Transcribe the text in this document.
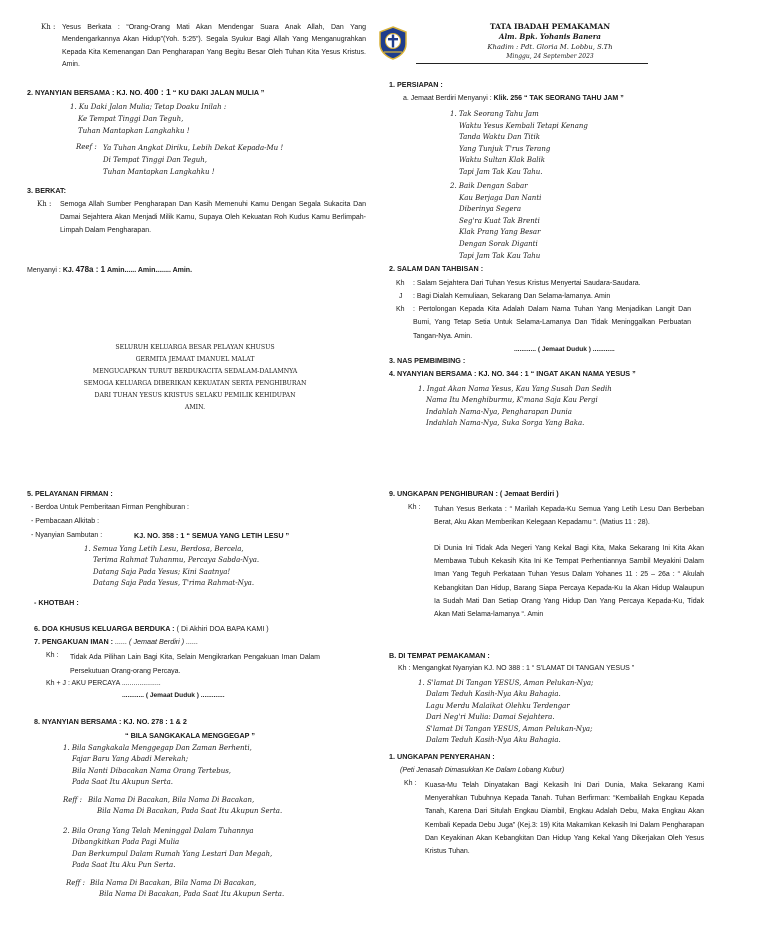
Kh : Yesus Berkata : “Orang-Orang Mati Akan Mendengar Suara Anak Allah, Dan Yang Mendengarkannya Akan Hidup”(Yoh. 5:25”). Segala Syukur Bagi Allah Yang Menganugrahkan Kepada Kita Kemenangan Dan Pengharapan Yang Begitu Besar Oleh Tuhan Kita Yesus Kristus. Amin.
2. NYANYIAN BERSAMA : KJ. NO. 400 : 1 “ KU DAKI JALAN MULIA ”
1. Ku Daki Jalan Mulia; Tetap Doaku Inilah :
Ke Tempat Tinggi Dan Teguh,
Tuhan Mantapkan Langkahku !
Reef : Ya Tuhan Angkat Diriku, Lebih Dekat Kepada-Mu !
Di Tempat Tinggi Dan Teguh,
Tuhan Mantapkan Langkahku !
3. BERKAT:
Kh : Semoga Allah Sumber Pengharapan Dan Kasih Memenuhi Kamu Dengan Segala Sukacita Dan Damai Sejahtera Akan Menjadi Milik Kamu, Supaya Oleh Kekuatan Roh Kudus Kamu Berlimpah-Limpah Dalam Pengharapan.
Menyanyi : KJ. 478a : 1 Amin...... Amin........ Amin.
SELURUH KELUARGA BESAR PELAYAN KHUSUS
GERMITA JEMAAT IMANUEL MALAT
MENGUCAPKAN TURUT BERDUKACITA SEDALAM-DALAMNYA
SEMOGA KELUARGA DIBERIKAN KEKUATAN SERTA PENGHIBURAN
DARI TUHAN YESUS KRISTUS SELAKU PEMILIK KEHIDUPAN
AMIN.
TATA IBADAH PEMAKAMAN
Alm. Bpk. Yohanis Banera
Khadim : Pdt. Gloria M. Lobbu, S.Th
Minggu, 24 September 2023
1. PERSIAPAN :
a. Jemaat Berdiri Menyanyi : Klik. 256 “ TAK SEORANG TAHU JAM ”
1. Tak Seorang Tahu Jam
Waktu Yesus Kembali Tetapi Kenang
Tanda Waktu Dan Titik
Yang Tunjuk T'rus Terang
Waktu Sultan Klak Balik
Tapi Jam Tak Kau Tahu.
2. Baik Dengan Sabar
Kau Berjaga Dan Nanti
Diberinya Segera
Seg'ra Kuat Tak Brenti
Klak Prang Yang Besar
Dengan Sorak Diganti
Tapi Jam Tak Kau Tahu
2. SALAM DAN TAHBISAN :
Kh : Salam Sejahtera Dari Tuhan Yesus Kristus Menyertai Saudara-Saudara.
J : Bagi Dialah Kemuliaan, Sekarang Dan Selama-lamanya. Amin
Kh : Pertolongan Kepada Kita Adalah Dalam Nama Tuhan Yang Menjadikan Langit Dan Bumi, Yang Tetap Setia Untuk Selama-Lamanya Dan Tidak Meninggalkan Perbuatan Tangan-Nya. Amin.
............ ( Jemaat Duduk ) ............
3. NAS PEMBIMBING :
4. NYANYIAN BERSAMA : KJ. NO. 344 : 1 “ INGAT AKAN NAMA YESUS ”
1. Ingat Akan Nama Yesus, Kau Yang Susah Dan Sedih
Nama Itu Menghiburmu, K'mana Saja Kau Pergi
Indahlah Nama-Nya, Pengharapan Dunia
Indahlah Nama-Nya, Suka Sorga Yang Baka.
5. PELAYANAN FIRMAN :
- Berdoa Untuk Pemberitaan Firman Penghiburan :
- Pembacaan Alkitab :
- Nyanyian Sambutan :	KJ. NO. 358 : 1 “ SEMUA YANG LETIH LESU ”
1. Semua Yang Letih Lesu, Berdosa, Bercela,
Terima Rahmat Tuhanmu, Percaya Sabda-Nya.
Datang Saja Pada Yesus; Kini Saatnya!
Datang Saja Pada Yesus, T'rima Rahmat-Nya.
- KHOTBAH :
6. DOA KHUSUS KELUARGA BERDUKA : ( Di Akhiri DOA BAPA KAMI )
7. PENGAKUAN IMAN : ...... ( Jemaat Berdiri ) ......
Kh : Tidak Ada Pilihan Lain Bagi Kita, Selain Mengikrarkan Pengakuan Iman Dalam Persekutuan Orang-orang Percaya.
Kh + J : AKU PERCAYA ....................
............ ( Jemaat Duduk ) .............
8. NYANYIAN BERSAMA : KJ. NO. 278 : 1 & 2
“ BILA SANGKAKALA MENGGEGAP ”
1. Bila Sangkakala Menggegap Dan Zaman Berhenti,
Fajar Baru Yang Abadi Merekah;
Bila Nanti Dibacakan Nama Orang Tertebus,
Pada Saat Itu Akupun Serta.
Reff : Bila Nama Di Bacakan, Bila Nama Di Bacakan,
Bila Nama Di Bacakan, Pada Saat Itu Akupun Serta.
2. Bila Orang Yang Telah Meninggal Dalam Tuhannya
Dibangkitkan Pada Pagi Mulia
Dan Berkumpul Dalam Rumah Yang Lestari Dan Megah,
Pada Saat Itu Aku Pun Serta.
Reff : Bila Nama Di Bacakan, Bila Nama Di Bacakan,
Bila Nama Di Bacakan, Pada Saat Itu Akupun Serta.
9. UNGKAPAN PENGHIBURAN : ( Jemaat Berdiri )
Kh : Tuhan Yesus Berkata : “ Marilah Kepada-Ku Semua Yang Letih Lesu Dan Berbeban Berat, Aku Akan Memberikan Kelegaan Kepadamu “. (Matius 11 : 28).
Di Dunia Ini Tidak Ada Negeri Yang Kekal Bagi Kita, Maka Sekarang Ini Kita Akan Membawa Tubuh Kekasih Kita Ini Ke Tempat Perhentiannya Sambil Meyakini Dalam Iman Yang Teguh Perkataan Tuhan Yesus Dalam Yohanes 11 : 25 – 26a : “ Akulah Kebangkitan Dan Hidup, Barang Siapa Percaya Kepada-Ku Ia Akan Hidup Walaupun Ia Sudah Mati Dan Setiap Orang Yang Hidup Dan Yang Percaya Kepada-Ku, Tidak Akan Mati Selama-lamanya “. Amin
B. DI TEMPAT PEMAKAMAN :
Kh : Mengangkat Nyanyian KJ. NO 388 : 1 “ S'LAMAT DI TANGAN YESUS ”
1. S'lamat Di Tangan YESUS, Aman Pelukan-Nya;
Dalam Teduh Kasih-Nya Aku Bahagia.
Lagu Merdu Malaikat Olehku Terdengar
Dari Neg'ri Mulia: Damai Sejahtera.
S'lamat Di Tangan YESUS, Aman Pelukan-Nya;
Dalam Teduh Kasih-Nya Aku Bahagia.
1. UNGKAPAN PENYERAHAN :
(Peti Jenasah Dimasukkan Ke Dalam Lobang Kubur)
Kh : Kuasa-Mu Telah Dinyatakan Bagi Kekasih Ini Dari Dunia, Maka Sekarang Kami Menyerahkan Tubuhnya Kepada Tanah. Tuhan Berfirman: “Kembalilah Engkau Kepada Tanah, Karena Dari Situlah Engkau Diambil, Engkau Adalah Debu, Maka Engkau Akan Kembali Kepada Debu Juga” (Kej.3: 19) Kita Makamkan Kekasih Ini Dalam Pengharapan Dan Keyakinan Akan Kebangkitan Dan Hidup Yang Kekal Yang Dikerjakan Oleh Yesus Kristus Tuhan.
